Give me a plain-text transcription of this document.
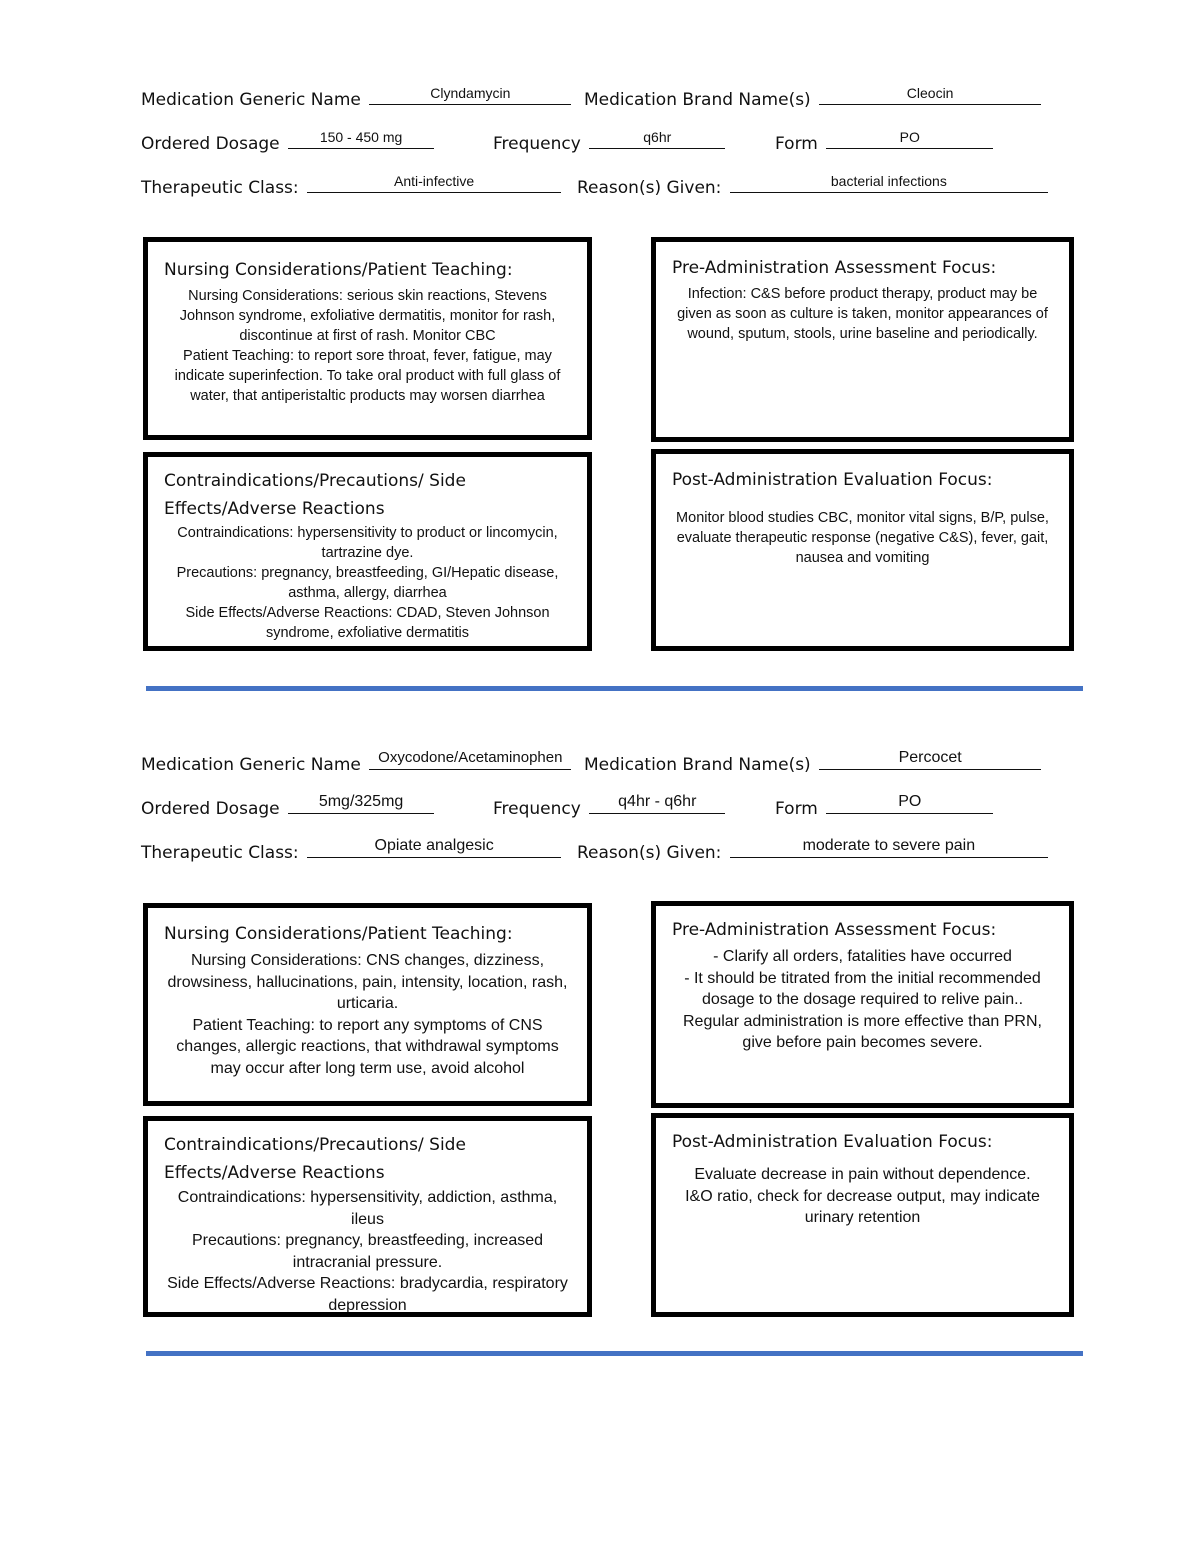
Medication Generic Name	Clyndamycin	Medication Brand Name(s)	Cleocin
Ordered Dosage	150 - 450 mg	Frequency	q6hr	Form	PO
Therapeutic Class:	Anti-infective	Reason(s) Given:	bacterial infections
Nursing Considerations/Patient Teaching:

Nursing Considerations: serious skin reactions, Stevens Johnson syndrome, exfoliative dermatitis, monitor for rash, discontinue at first of rash. Monitor CBC

Patient Teaching: to report sore throat, fever, fatigue, may indicate superinfection. To take oral product with full glass of water, that antiperistaltic products may worsen diarrhea

Pre-Administration Assessment Focus:

Infection: C&S before product therapy, product may be given as soon as culture is taken, monitor appearances of wound, sputum, stools, urine baseline and periodically.

Contraindications/Precautions/ Side
Effects/Adverse Reactions

Contraindications: hypersensitivity to product or lincomycin, tartrazine dye.

Precautions: pregnancy, breastfeeding, GI/Hepatic disease, asthma, allergy, diarrhea

Side Effects/Adverse Reactions: CDAD, Steven Johnson syndrome, exfoliative dermatitis

Post-Administration Evaluation Focus:

Monitor blood studies CBC, monitor vital signs, B/P, pulse, evaluate therapeutic response (negative C&S), fever, gait, nausea and vomiting

Medication Generic Name Oxycodone/Acetaminophen	Medication Brand Name(s)	Percocet
Ordered Dosage 5mg/325mg	Frequency q4hr - q6hr	Form	PO
Therapeutic Class:	Opiate analgesic	Reason(s) Given:	moderate to severe pain
Nursing Considerations/Patient Teaching:

Nursing Considerations: CNS changes, dizziness, drowsiness, hallucinations, pain, intensity, location, rash, urticaria.

Patient Teaching: to report any symptoms of CNS changes, allergic reactions, that withdrawal symptoms may occur after long term use, avoid alcohol

Pre-Administration Assessment Focus:

- Clarify all orders, fatalities have occurred

- It should be titrated from the initial recommended dosage to the dosage required to relive pain..

Regular administration is more effective than PRN, give before pain becomes severe.

Contraindications/Precautions/ Side
Effects/Adverse Reactions

Contraindications: hypersensitivity, addiction, asthma, ileus

Precautions: pregnancy, breastfeeding, increased intracranial pressure.

Side Effects/Adverse Reactions: bradycardia, respiratory depression

Post-Administration Evaluation Focus:

Evaluate decrease in pain without dependence.

I&O ratio, check for decrease output, may indicate urinary retention
